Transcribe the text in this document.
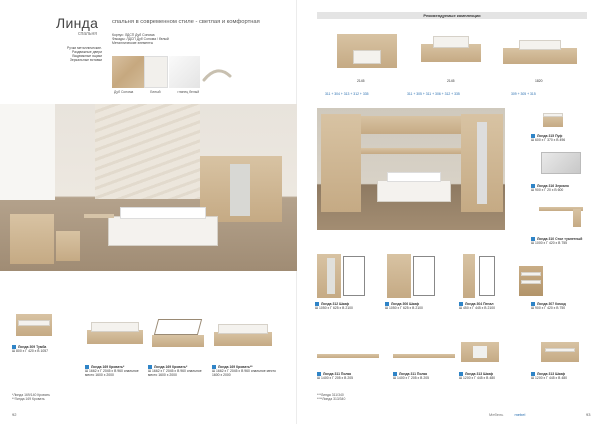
Линда
спальня
спальня в современном стиле - светлая и комфортная
Ручки металлические.
Раздвижные двери
Выдвижные ящики
Зеркальные вставки
Корпус: ЛДСП Дуб Сонома
Фасады: ЛДСП Дуб Сонома / белый
Металлические элементы
Дуб Сонома	Белый	глянец белый
Линда 309 Тумба
Ш 800 х Г 420 х В 1057
Линда 169 Кровать*
Ш 1662 х Г 2045 х В 960 спальное место 1600 х 2000
Линда 169 Кровать*
Ш 1662 х Г 2045 х В 960 спальное место 1600 х 2000
Линда 169 Кровать**
Ш 1662 х Г 2045 х В 960 спальное место 1600 х 2000
*Линда 169/140 Кровать
**Линда 169 Кровать
92
Рекомендуемые комплекции
2145	2145	1820
311 + 304 + 313 + 312 + 335	311 + 305 + 311 + 306 + 312 + 335	309 + 305 + 315
Линда 315 Пуф
Ш 600 х Г 370 х В 496
Линда 316 Зеркало
Ш 900 х Г 20 х В 600
Линда 310 Стол туалетный
Ш 1000 х Г 420 х В 755
Линда 312 Шкаф
Ш 1050 х Г 625 х В 2100
Линда 306 Шкаф
Ш 1050 х Г 625 х В 2100
Линда 304 Пенал
Ш 450 х Г 445 х В 2100
Линда 307 Комод
Ш 900 х Г 420 х В 750
Линда 311 Полка
Ш 1400 х Г 205 х В 205
Линда 311 Полка
Ш 1400 х Г 205 х В 205
Линда 313 Шкаф
Ш 1200 х Г 445 х В 480
Линда 313 Шкаф
Ш 1200 х Г 445 х В 480
***Линда 311/340
****Линда 313/340
Мебель	mebel	93
